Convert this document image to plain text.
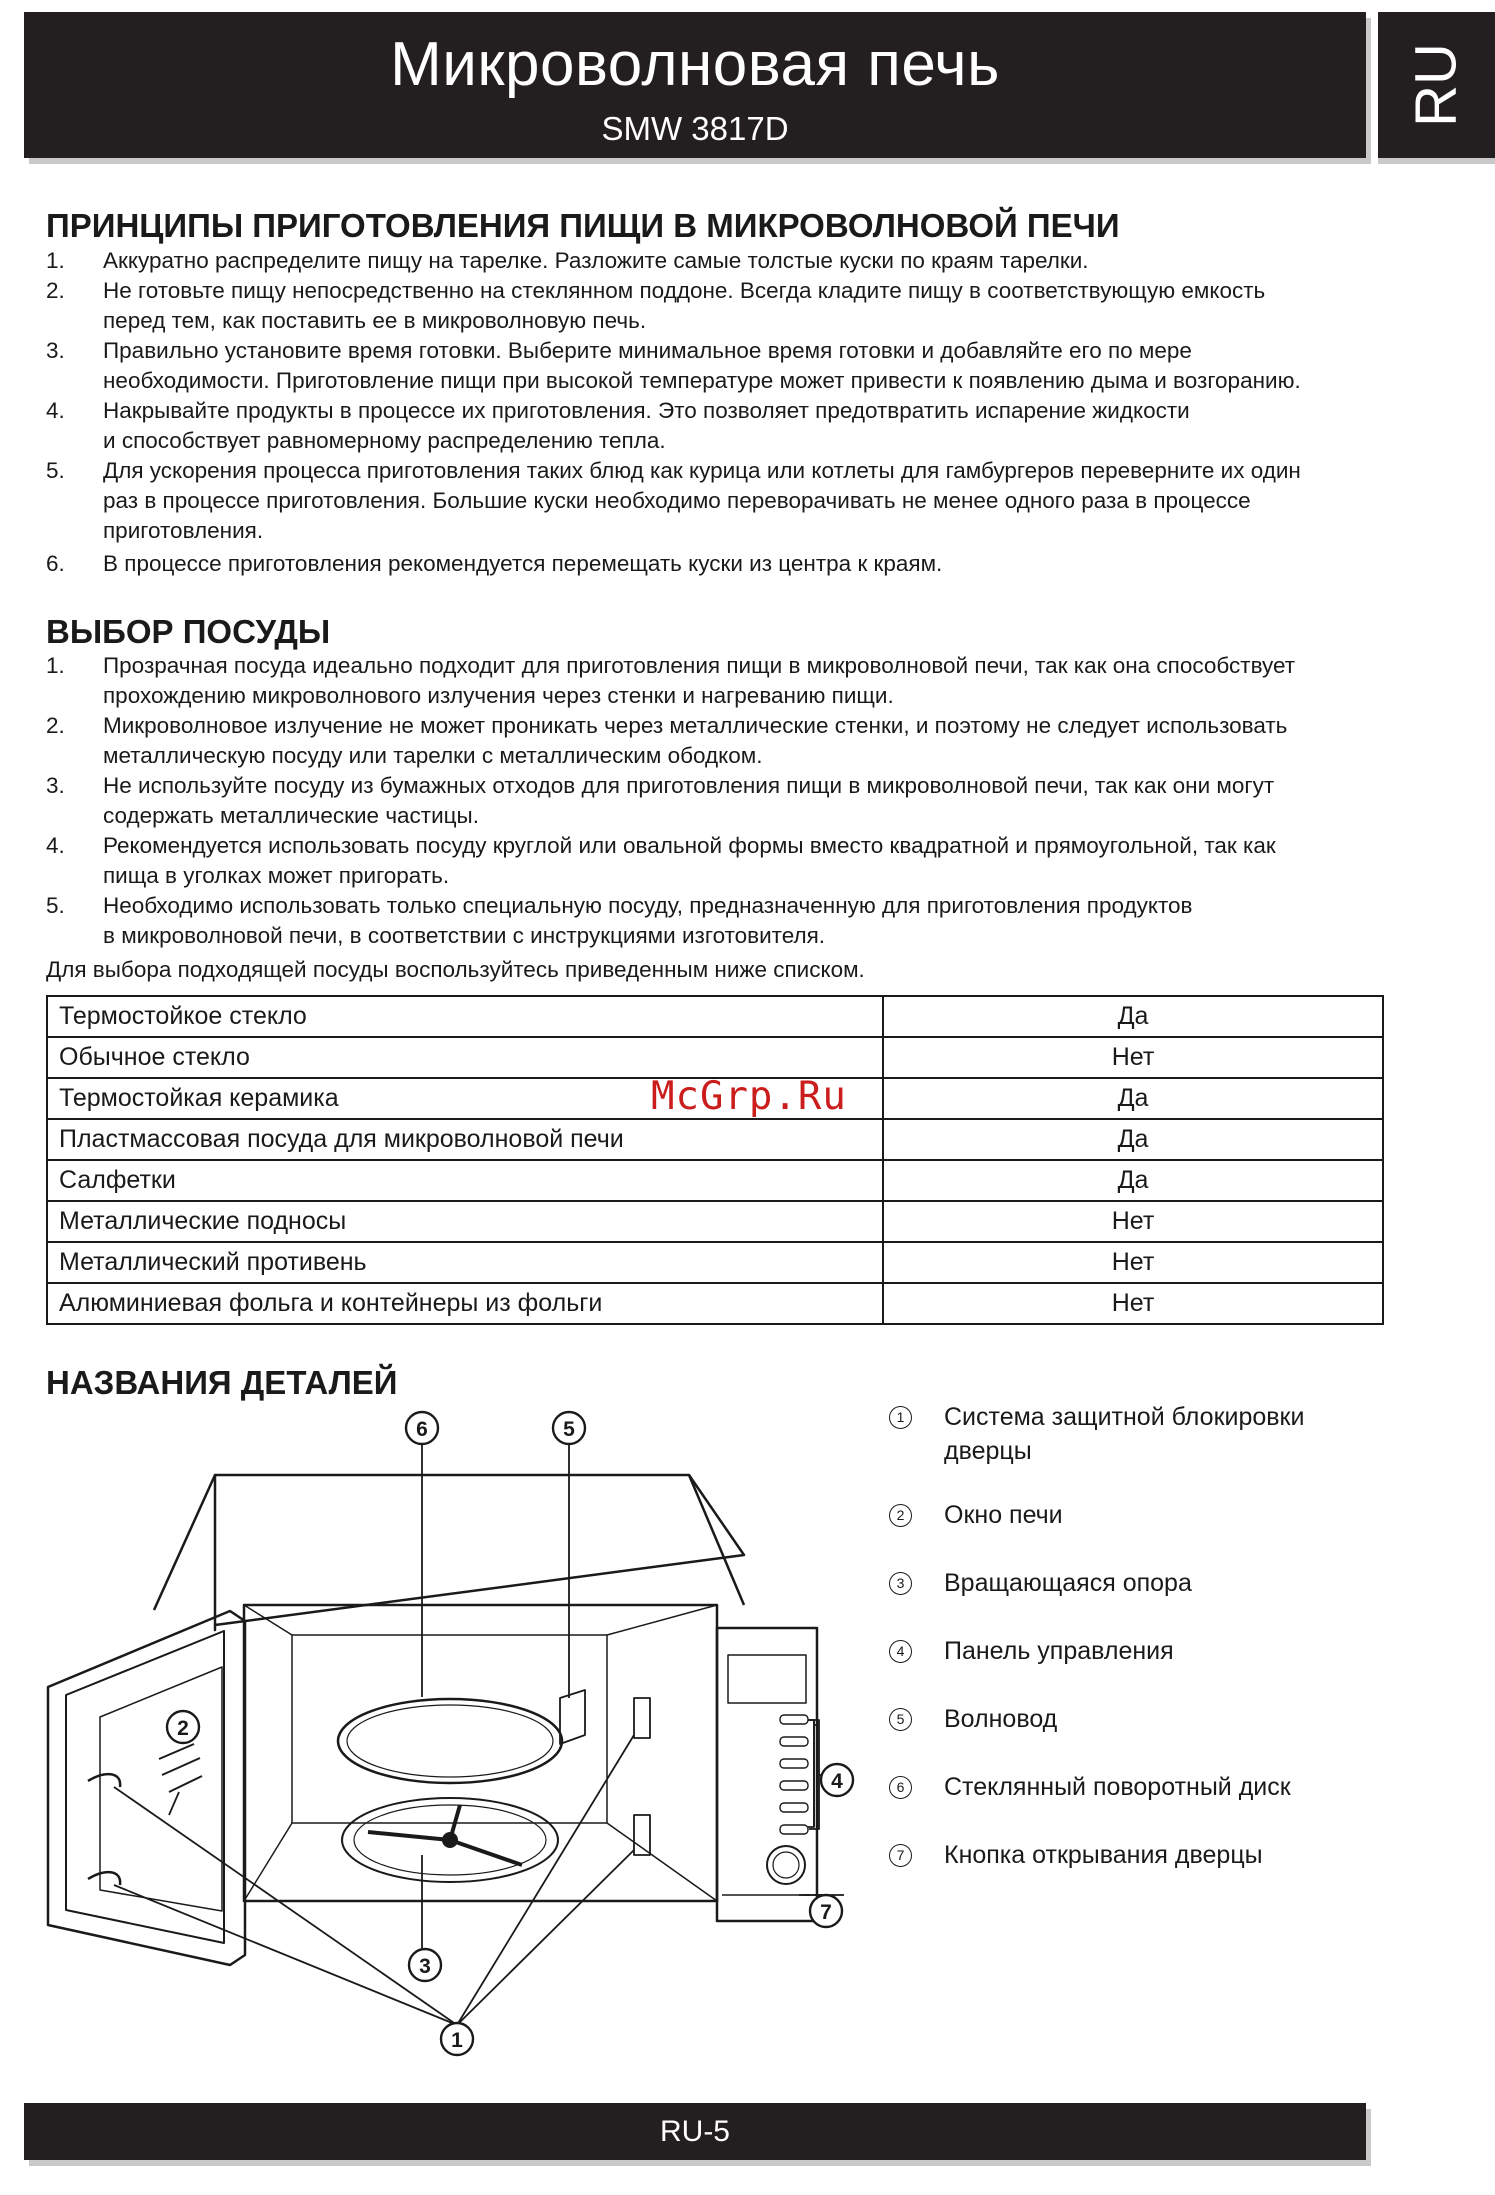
Микроволновая печь
SMW 3817D
RU
ПРИНЦИПЫ ПРИГОТОВЛЕНИЯ ПИЩИ В МИКРОВОЛНОВОЙ ПЕЧИ
1. Аккуратно распределите пищу на тарелке. Разложите самые толстые куски по краям тарелки.
2. Не готовьте пищу непосредственно на стеклянном поддоне. Всегда кладите пищу в соответствующую емкость
перед тем, как поставить ее в микроволновую печь.
3. Правильно установите время готовки. Выберите минимальное время готовки и добавляйте его по мере
необходимости. Приготовление пищи при высокой температуре может привести к появлению дыма и возгоранию.
4. Накрывайте продукты в процессе их приготовления. Это позволяет предотвратить испарение жидкости
и способствует равномерному распределению тепла.
5. Для ускорения процесса приготовления таких блюд как курица или котлеты для гамбургеров переверните их один
раз в процессе приготовления. Большие куски необходимо переворачивать не менее одного раза в процессе
приготовления.
6. В процессе приготовления рекомендуется перемещать куски из центра к краям.
ВЫБОР ПОСУДЫ
1. Прозрачная посуда идеально подходит для приготовления пищи в микроволновой печи, так как она способствует
прохождению микроволнового излучения через стенки и нагреванию пищи.
2. Микроволновое излучение не может проникать через металлические стенки, и поэтому не следует использовать
металлическую посуду или тарелки с металлическим ободком.
3. Не используйте посуду из бумажных отходов для приготовления пищи в микроволновой печи, так как они могут
содержать металлические частицы.
4. Рекомендуется использовать посуду круглой или овальной формы вместо квадратной и прямоугольной, так как
пища в уголках может пригорать.
5. Необходимо использовать только специальную посуду, предназначенную для приготовления продуктов
в микроволновой печи, в соответствии с инструкциями изготовителя.
Для выбора подходящей посуды воспользуйтесь приведенным ниже списком.
Термостойкое стекло	Да
Обычное стекло	Нет
Термостойкая керамика	Да
Пластмассовая посуда для микроволновой печи	Да
Салфетки	Да
Металлические подносы	Нет
Металлический противень	Нет
Алюминиевая фольга и контейнеры из фольги	Нет
McGrp.Ru
НАЗВАНИЯ ДЕТАЛЕЙ
6	5
2
4
7
3
1
1	Система защитной блокировки
дверцы
2	Окно печи
3	Вращающаяся опора
4	Панель управления
5	Волновод
6	Стеклянный поворотный диск
7	Кнопка открывания дверцы
RU-5
